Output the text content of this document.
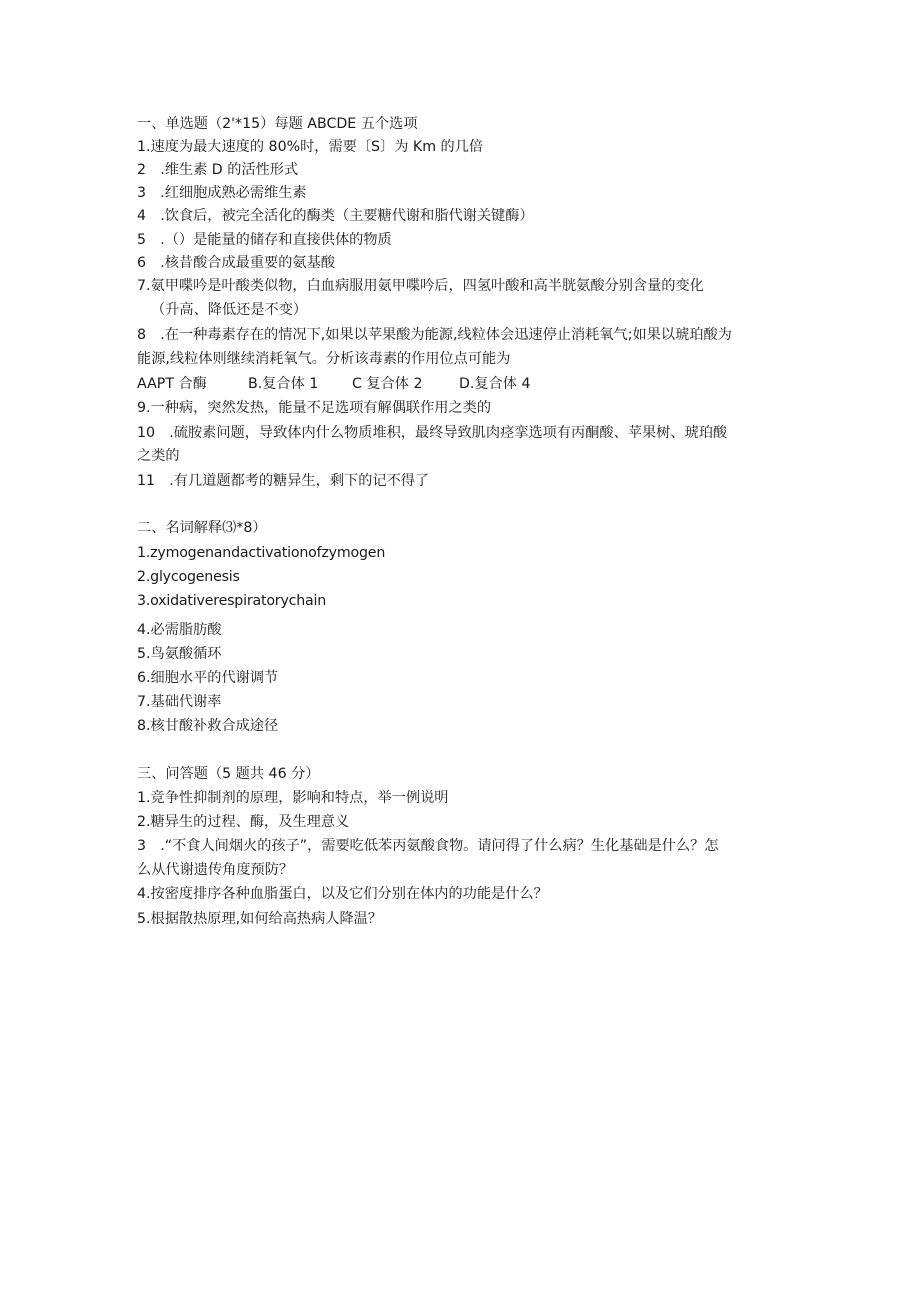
一、单选题（2'*15）每题 ABCDE 五个选项
1.速度为最大速度的 80%时，需要〔S〕为 Km 的几倍
2　.维生素 D 的活性形式
3　.红细胞成熟必需维生素
4　.饮食后，被完全活化的酶类（主要糖代谢和脂代谢关键酶）
5　.（）是能量的储存和直接供体的物质
6　.核昔酸合成最重要的氨基酸
7.氨甲喋吟是叶酸类似物，白血病服用氨甲喋吟后，四氢叶酸和高半胱氨酸分别含量的变化
（升高、降低还是不变）
8　.在一种毒素存在的情况下,如果以苹果酸为能源,线粒体会迅速停止消耗氧气;如果以琥珀酸为
能源,线粒体则继续消耗氧气。分析该毒素的作用位点可能为
AAPT 合酶	B.复合体 1 C 复合体 2	D.复合体 4
9.一种病，突然发热，能量不足选项有解偶联作用之类的
10　.硫胺素问题，导致体内什么物质堆积，最终导致肌肉痉挛选项有丙酮酸、苹果树、琥珀酸
之类的
11　.有几道题都考的糖异生，剩下的记不得了
二、名词解释⑶*8）
1.zymogenandactivationofzymogen
2.glycogenesis
3.oxidativerespiratorychain
4.必需脂肪酸
5.鸟氨酸循环
6.细胞水平的代谢调节
7.基础代谢率
8.核甘酸补救合成途径
三、问答题（5 题共 46 分）
1.竞争性抑制剂的原理，影响和特点，举一例说明
2.糖异生的过程、酶，及生理意义
3　.“不食人间烟火的孩子”，需要吃低苯丙氨酸食物。请问得了什么病？生化基础是什么？怎
么从代谢遗传角度预防？
4.按密度排序各种血脂蛋白，以及它们分别在体内的功能是什么？
5.根据散热原理,如何给高热病人降温？
